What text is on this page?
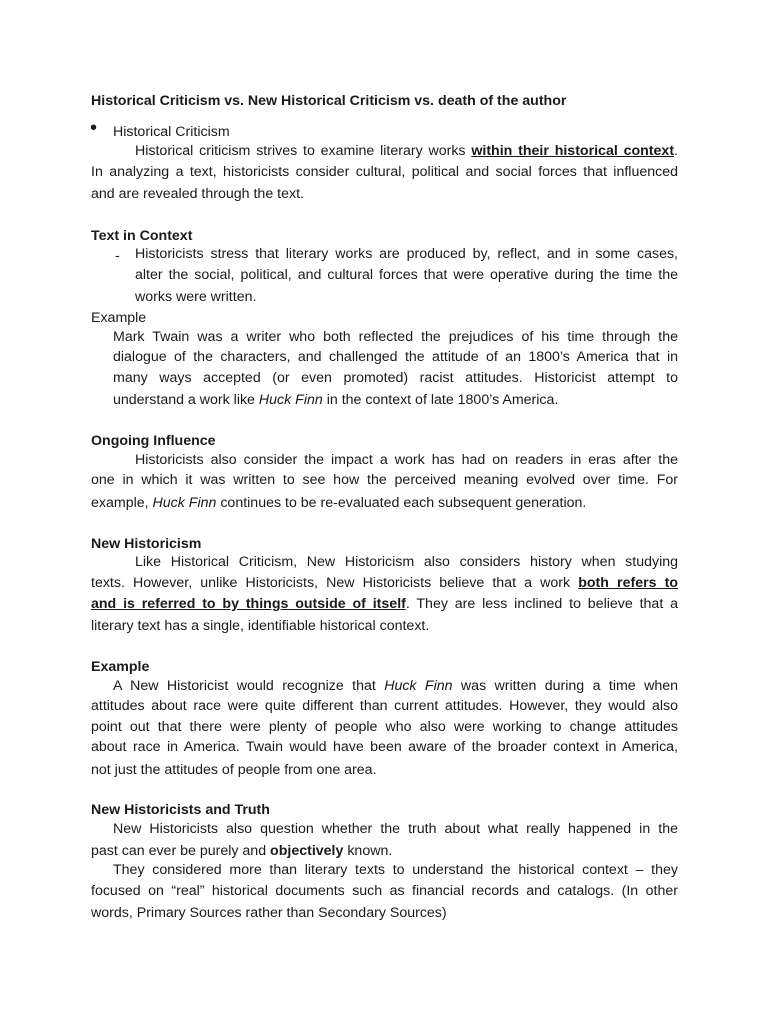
Historical Criticism vs. New Historical Criticism vs. death of the author
• Historical Criticism
Historical criticism strives to examine literary works within their historical context.
In analyzing a text, historicists consider cultural, political and social forces that influenced
and are revealed through the text.
Text in Context
- Historicists stress that literary works are produced by, reflect, and in some cases,
alter the social, political, and cultural forces that were operative during the time the
works were written.
Example
Mark Twain was a writer who both reflected the prejudices of his time through the
dialogue of the characters, and challenged the attitude of an 1800’s America that in
many ways accepted (or even promoted) racist attitudes. Historicist attempt to
understand a work like Huck Finn in the context of late 1800’s America.
Ongoing Influence
Historicists also consider the impact a work has had on readers in eras after the
one in which it was written to see how the perceived meaning evolved over time. For
example, Huck Finn continues to be re-evaluated each subsequent generation.
New Historicism
Like Historical Criticism, New Historicism also considers history when studying
texts. However, unlike Historicists, New Historicists believe that a work both refers to
and is referred to by things outside of itself. They are less inclined to believe that a
literary text has a single, identifiable historical context.
Example
A New Historicist would recognize that Huck Finn was written during a time when
attitudes about race were quite different than current attitudes. However, they would also
point out that there were plenty of people who also were working to change attitudes
about race in America. Twain would have been aware of the broader context in America,
not just the attitudes of people from one area.
New Historicists and Truth
New Historicists also question whether the truth about what really happened in the
past can ever be purely and objectively known.
They considered more than literary texts to understand the historical context – they
focused on “real” historical documents such as financial records and catalogs. (In other
words, Primary Sources rather than Secondary Sources)
